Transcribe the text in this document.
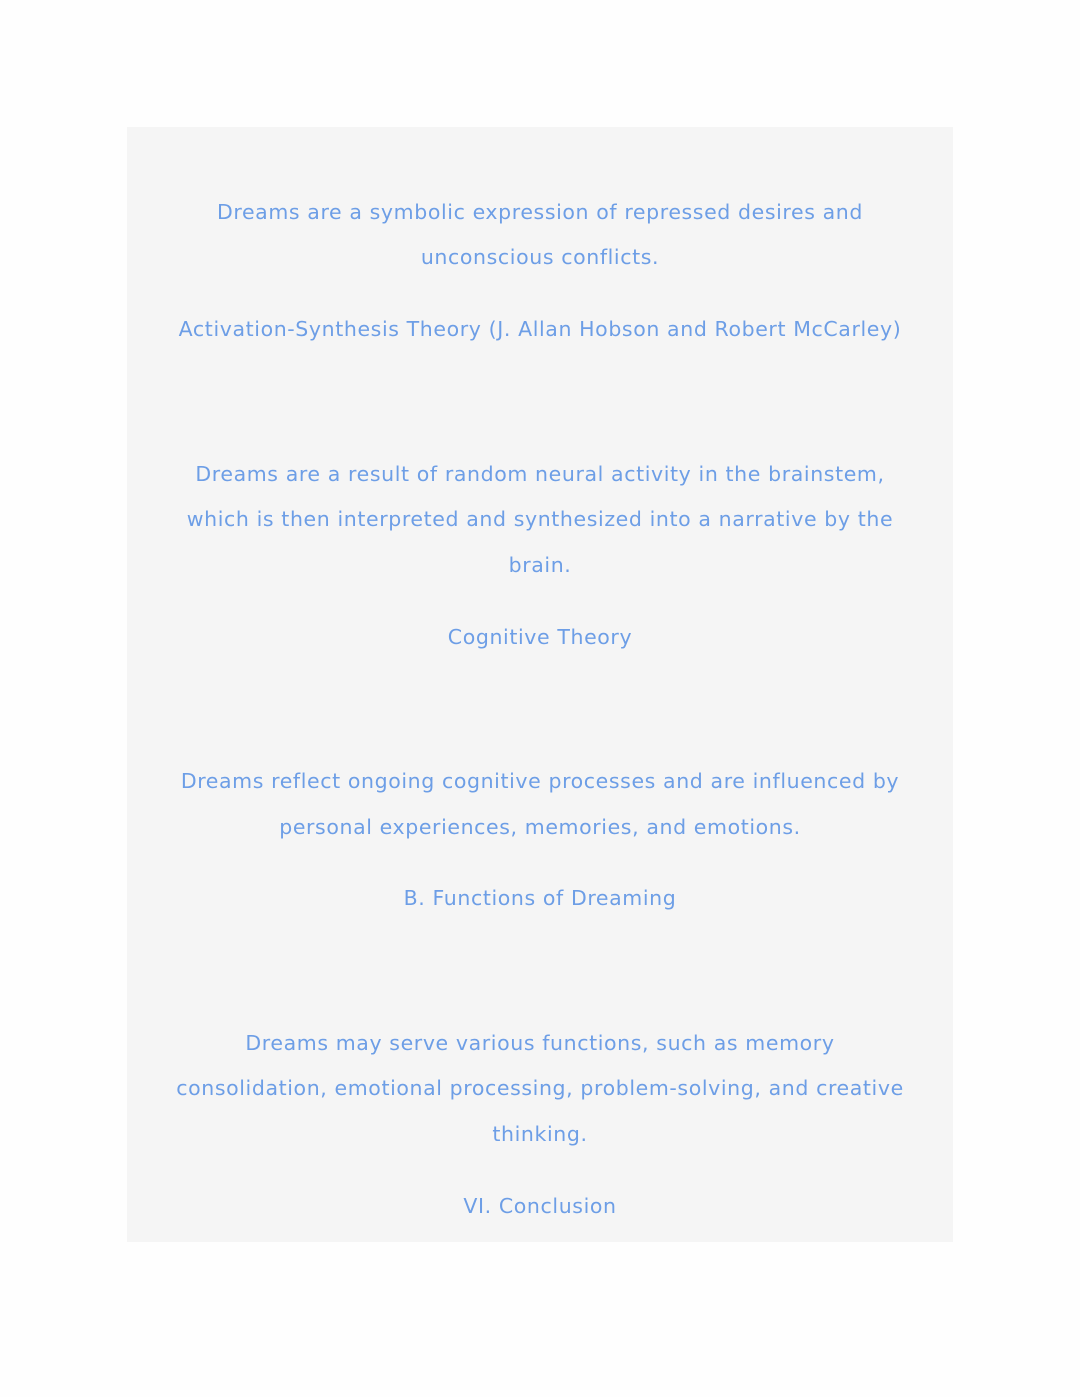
Dreams are a symbolic expression of repressed desires and
unconscious conflicts.
Activation-Synthesis Theory (J. Allan Hobson and Robert McCarley)
Dreams are a result of random neural activity in the brainstem,
which is then interpreted and synthesized into a narrative by the
brain.
Cognitive Theory
Dreams reflect ongoing cognitive processes and are influenced by
personal experiences, memories, and emotions.
B. Functions of Dreaming
Dreams may serve various functions, such as memory
consolidation, emotional processing, problem-solving, and creative
thinking.
VI. Conclusion
